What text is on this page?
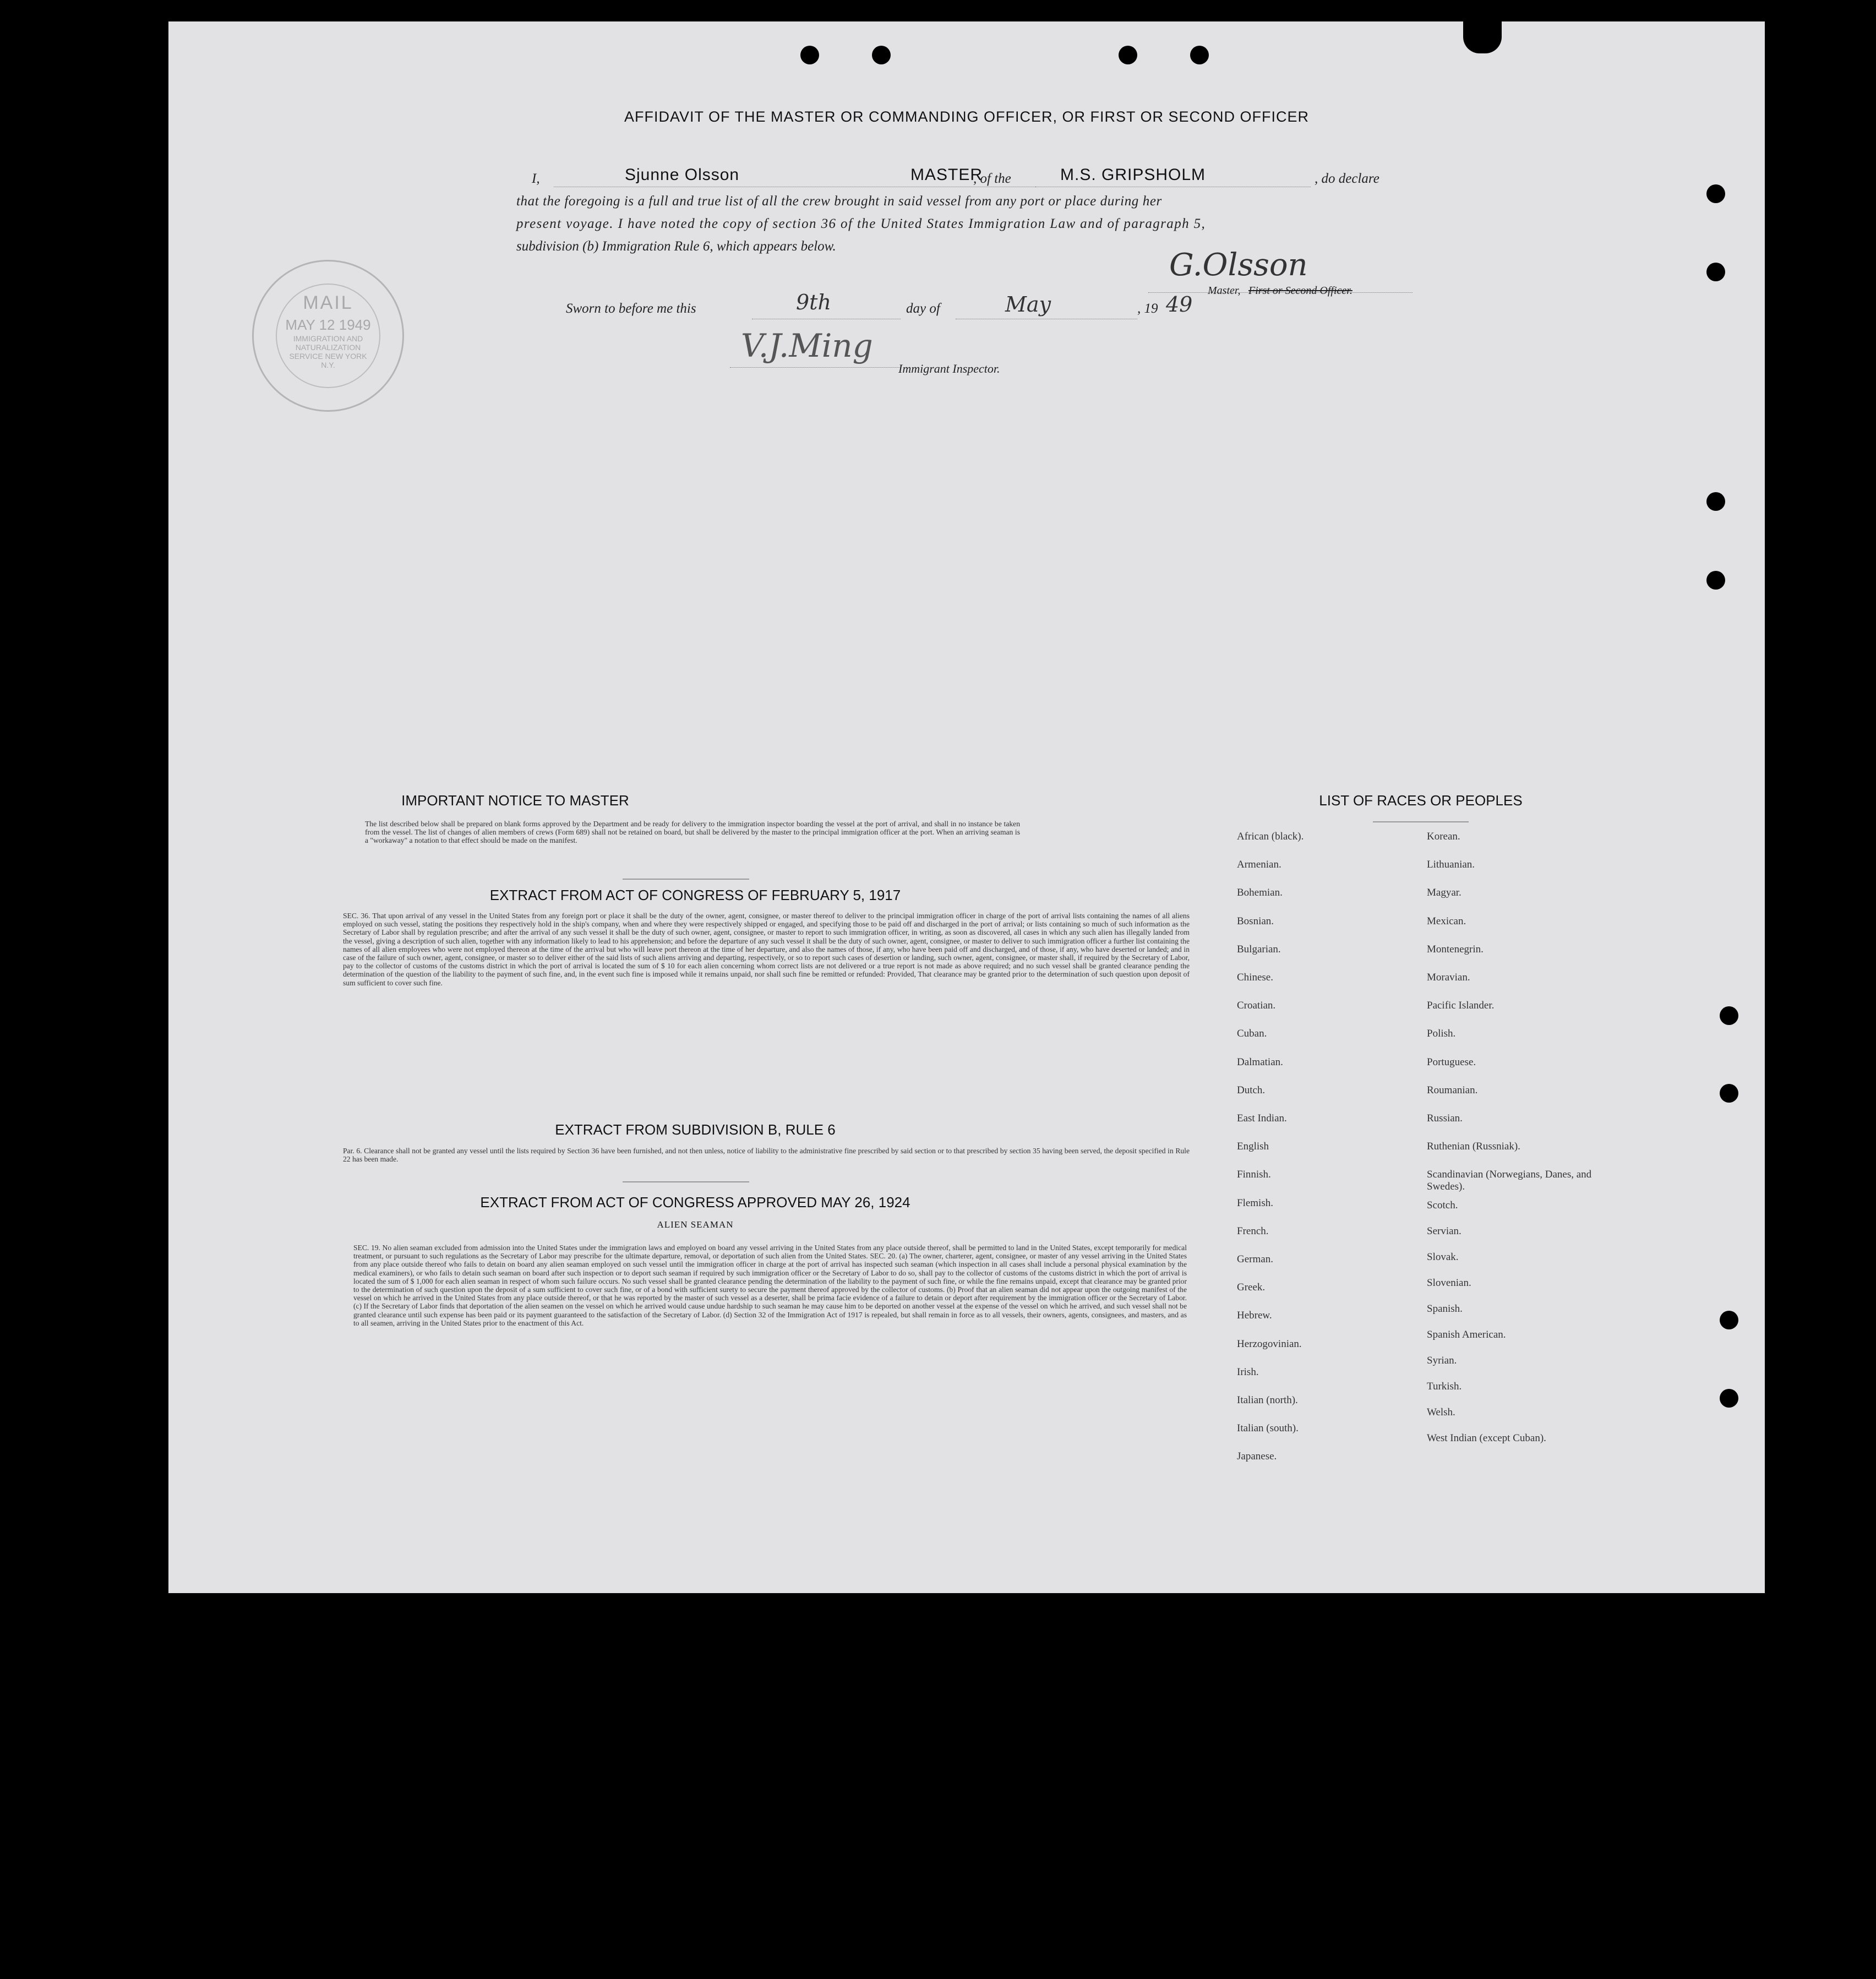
AFFIDAVIT OF THE MASTER OR COMMANDING OFFICER, OR FIRST OR SECOND OFFICER
I,	Sjunne Olsson	MASTER
, of the	M.S. GRIPSHOLM	, do declare
that the foregoing is a full and true list of all the crew brought in said vessel from any port or place during her
present voyage. I have noted the copy of section 36 of the United States Immigration Law and of paragraph 5,
subdivision (b) Immigration Rule 6, which appears below.
G.Olsson
Master, First or Second Officer.
Sworn to before me this	9th	day of	May	, 19 49
V.J.Ming
Immigrant Inspector.
MAIL
MAY 12 1949
IMMIGRATION AND NATURALIZATION SERVICE NEW YORK N.Y.
IMPORTANT NOTICE TO MASTER
The list described below shall be prepared on blank forms approved by the Department and be ready for delivery to the immigration inspector boarding the vessel at the port of arrival, and shall in no instance be taken from the vessel. The list of changes of alien members of crews (Form 689) shall not be retained on board, but shall be delivered by the master to the principal immigration officer at the port. When an arriving seaman is a "workaway" a notation to that effect should be made on the manifest.
EXTRACT FROM ACT OF CONGRESS OF FEBRUARY 5, 1917
SEC. 36. That upon arrival of any vessel in the United States from any foreign port or place it shall be the duty of the owner, agent, consignee, or master thereof to deliver to the principal immigration officer in charge of the port of arrival lists containing the names of all aliens employed on such vessel, stating the positions they respectively hold in the ship's company, when and where they were respectively shipped or engaged, and specifying those to be paid off and discharged in the port of arrival; or lists containing so much of such information as the Secretary of Labor shall by regulation prescribe; and after the arrival of any such vessel it shall be the duty of such owner, agent, consignee, or master to report to such immigration officer, in writing, as soon as discovered, all cases in which any such alien has illegally landed from the vessel, giving a description of such alien, together with any information likely to lead to his apprehension; and before the departure of any such vessel it shall be the duty of such owner, agent, consignee, or master to deliver to such immigration officer a further list containing the names of all alien employees who were not employed thereon at the time of the arrival but who will leave port thereon at the time of her departure, and also the names of those, if any, who have been paid off and discharged, and of those, if any, who have deserted or landed; and in case of the failure of such owner, agent, consignee, or master so to deliver either of the said lists of such aliens arriving and departing, respectively, or so to report such cases of desertion or landing, such owner, agent, consignee, or master shall, if required by the Secretary of Labor, pay to the collector of customs of the customs district in which the port of arrival is located the sum of $ 10 for each alien concerning whom correct lists are not delivered or a true report is not made as above required; and no such vessel shall be granted clearance pending the determination of the question of the liability to the payment of such fine, and, in the event such fine is imposed while it remains unpaid, nor shall such fine be remitted or refunded: Provided, That clearance may be granted prior to the determination of such question upon deposit of sum sufficient to cover such fine.
EXTRACT FROM SUBDIVISION B, RULE 6
Par. 6. Clearance shall not be granted any vessel until the lists required by Section 36 have been furnished, and not then unless, notice of liability to the administrative fine prescribed by said section or to that prescribed by section 35 having been served, the deposit specified in Rule 22 has been made.
EXTRACT FROM ACT OF CONGRESS APPROVED MAY 26, 1924
ALIEN SEAMAN
SEC. 19. No alien seaman excluded from admission into the United States under the immigration laws and employed on board any vessel arriving in the United States from any place outside thereof, shall be permitted to land in the United States, except temporarily for medical treatment, or pursuant to such regulations as the Secretary of Labor may prescribe for the ultimate departure, removal, or deportation of such alien from the United States. SEC. 20. (a) The owner, charterer, agent, consignee, or master of any vessel arriving in the United States from any place outside thereof who fails to detain on board any alien seaman employed on such vessel until the immigration officer in charge at the port of arrival has inspected such seaman (which inspection in all cases shall include a personal physical examination by the medical examiners), or who fails to detain such seaman on board after such inspection or to deport such seaman if required by such immigration officer or the Secretary of Labor to do so, shall pay to the collector of customs of the customs district in which the port of arrival is located the sum of $ 1,000 for each alien seaman in respect of whom such failure occurs. No such vessel shall be granted clearance pending the determination of the liability to the payment of such fine, or while the fine remains unpaid, except that clearance may be granted prior to the determination of such question upon the deposit of a sum sufficient to cover such fine, or of a bond with sufficient surety to secure the payment thereof approved by the collector of customs. (b) Proof that an alien seaman did not appear upon the outgoing manifest of the vessel on which he arrived in the United States from any place outside thereof, or that he was reported by the master of such vessel as a deserter, shall be prima facie evidence of a failure to detain or deport after requirement by the immigration officer or the Secretary of Labor. (c) If the Secretary of Labor finds that deportation of the alien seamen on the vessel on which he arrived would cause undue hardship to such seaman he may cause him to be deported on another vessel at the expense of the vessel on which he arrived, and such vessel shall not be granted clearance until such expense has been paid or its payment guaranteed to the satisfaction of the Secretary of Labor. (d) Section 32 of the Immigration Act of 1917 is repealed, but shall remain in force as to all vessels, their owners, agents, consignees, and masters, and as to all seamen, arriving in the United States prior to the enactment of this Act.
LIST OF RACES OR PEOPLES
African (black).
Armenian.
Bohemian.
Bosnian.
Bulgarian.
Chinese.
Croatian.
Cuban.
Dalmatian.
Dutch.
East Indian.
English
Finnish.
Flemish.
French.
German.
Greek.
Hebrew.
Herzogovinian.
Irish.
Italian (north).
Italian (south).
Japanese.
Korean.
Lithuanian.
Magyar.
Mexican.
Montenegrin.
Moravian.
Pacific Islander.
Polish.
Portuguese.
Roumanian.
Russian.
Ruthenian (Russniak).
Scandinavian (Norwegians, Danes, and Swedes).
Scotch.
Servian.
Slovak.
Slovenian.
Spanish.
Spanish American.
Syrian.
Turkish.
Welsh.
West Indian (except Cuban).
